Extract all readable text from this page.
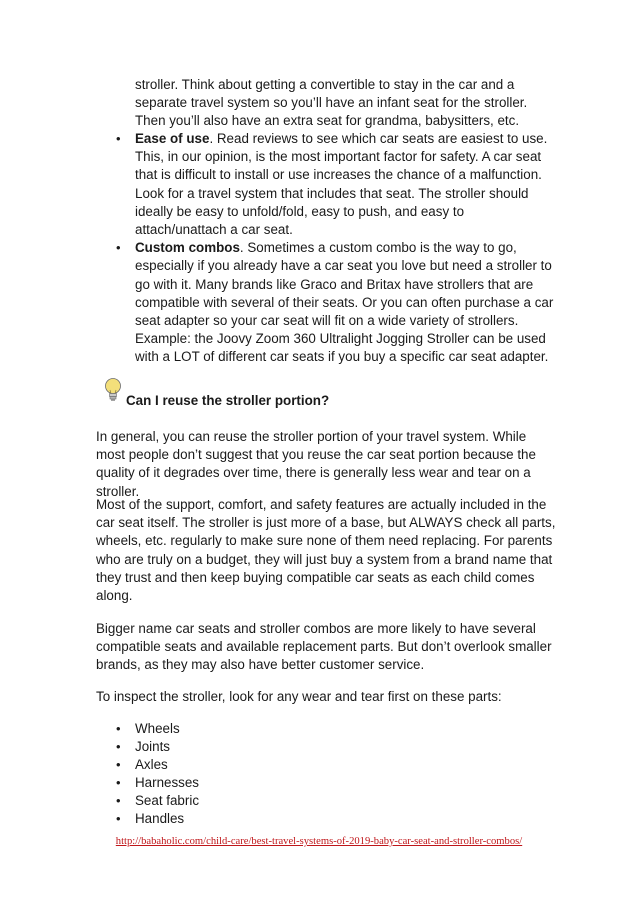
stroller. Think about getting a convertible to stay in the car and a separate travel system so you’ll have an infant seat for the stroller. Then you’ll also have an extra seat for grandma, babysitters, etc.

• Ease of use. Read reviews to see which car seats are easiest to use. This, in our opinion, is the most important factor for safety. A car seat that is difficult to install or use increases the chance of a malfunction. Look for a travel system that includes that seat. The stroller should ideally be easy to unfold/fold, easy to push, and easy to attach/unattach a car seat.
• Custom combos. Sometimes a custom combo is the way to go, especially if you already have a car seat you love but need a stroller to go with it. Many brands like Graco and Britax have strollers that are compatible with several of their seats. Or you can often purchase a car seat adapter so your car seat will fit on a wide variety of strollers. Example: the Joovy Zoom 360 Ultralight Jogging Stroller can be used with a LOT of different car seats if you buy a specific car seat adapter.

Can I reuse the stroller portion?

In general, you can reuse the stroller portion of your travel system. While most people don’t suggest that you reuse the car seat portion because the quality of it degrades over time, there is generally less wear and tear on a stroller.

Most of the support, comfort, and safety features are actually included in the car seat itself. The stroller is just more of a base, but ALWAYS check all parts, wheels, etc. regularly to make sure none of them need replacing. For parents who are truly on a budget, they will just buy a system from a brand name that they trust and then keep buying compatible car seats as each child comes along.

Bigger name car seats and stroller combos are more likely to have several compatible seats and available replacement parts. But don’t overlook smaller brands, as they may also have better customer service.

To inspect the stroller, look for any wear and tear first on these parts:

• Wheels
• Joints
• Axles
• Harnesses
• Seat fabric
• Handles

http://babaholic.com/child-care/best-travel-systems-of-2019-baby-car-seat-and-stroller-combos/
